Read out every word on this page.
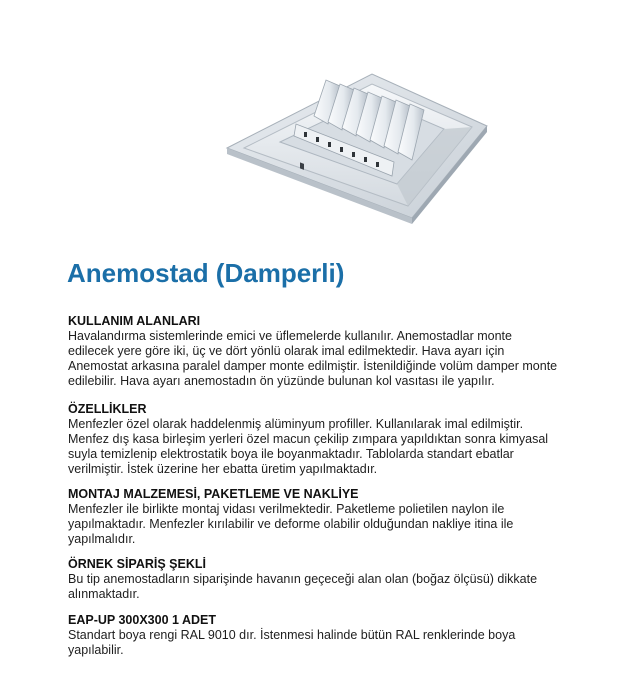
Anemostad (Damperli)

KULLANIM ALANLARI

Havalandırma sistemlerinde emici ve üflemelerde kullanılır. Anemostadlar monte
edilecek yere göre iki, üç ve dört yönlü olarak imal edilmektedir. Hava ayarı için
Anemostat arkasına paralel damper monte edilmiştir. İstenildiğinde volüm damper monte
edilebilir. Hava ayarı anemostadın ön yüzünde bulunan kol vasıtası ile yapılır.

ÖZELLİKLER

Menfezler özel olarak haddelenmiş alüminyum profiller. Kullanılarak imal edilmiştir.
Menfez dış kasa birleşim yerleri özel macun çekilip zımpara yapıldıktan sonra kimyasal
suyla temizlenip elektrostatik boya ile boyanmaktadır. Tablolarda standart ebatlar
verilmiştir. İstek üzerine her ebatta üretim yapılmaktadır.

MONTAJ MALZEMESİ, PAKETLEME VE NAKLİYE

Menfezler ile birlikte montaj vidası verilmektedir. Paketleme polietilen naylon ile
yapılmaktadır. Menfezler kırılabilir ve deforme olabilir olduğundan nakliye itina ile
yapılmalıdır.

ÖRNEK SİPARİŞ ŞEKLİ

Bu tip anemostadların siparişinde havanın geçeceği alan olan (boğaz ölçüsü) dikkate
alınmaktadır.

EAP-UP 300X300 1 ADET

Standart boya rengi RAL 9010 dır. İstenmesi halinde bütün RAL renklerinde boya
yapılabilir.
